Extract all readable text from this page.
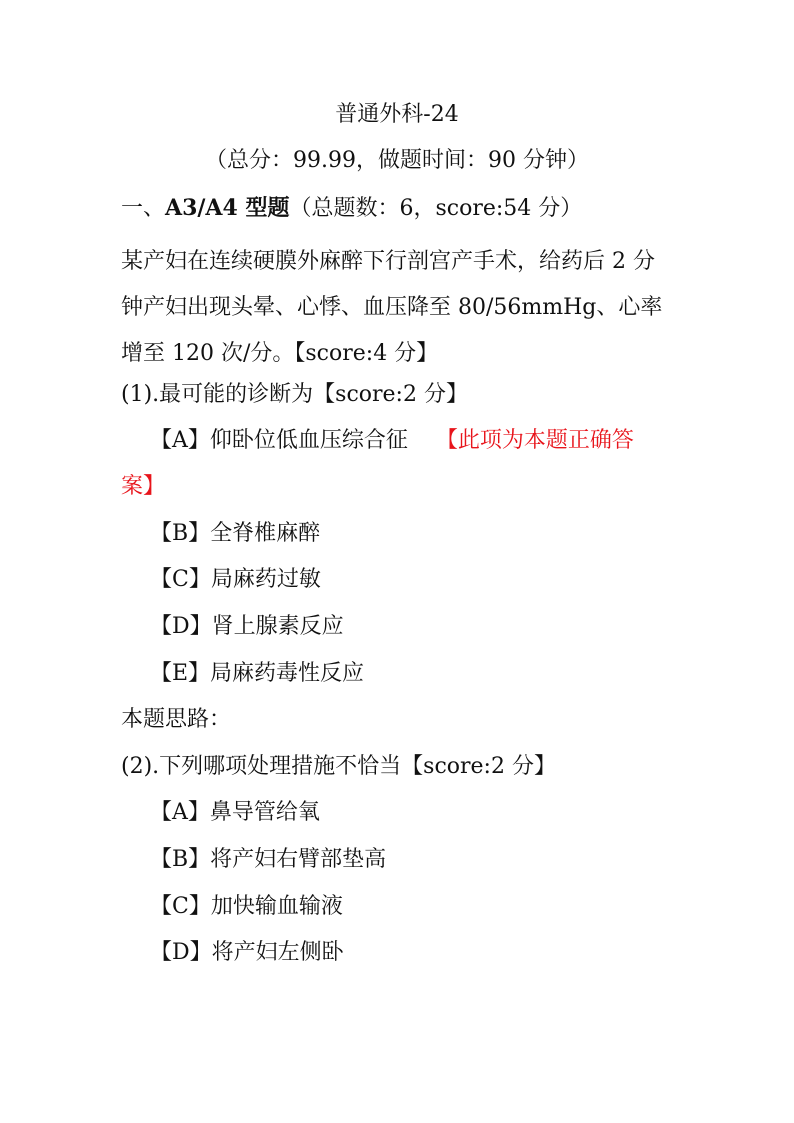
普通外科-24
（总分：99.99，做题时间：90 分钟）
一、A3/A4 型题（总题数：6，score:54 分）
某产妇在连续硬膜外麻醉下行剖宫产手术，给药后 2 分钟产妇出现头晕、心悸、血压降至 80/56mmHg、心率增至 120 次/分。【score:4 分】
(1).最可能的诊断为【score:2 分】
【A】仰卧位低血压综合征 【此项为本题正确答
案】
【B】全脊椎麻醉
【C】局麻药过敏
【D】肾上腺素反应
【E】局麻药毒性反应
本题思路：
(2).下列哪项处理措施不恰当【score:2 分】
【A】鼻导管给氧
【B】将产妇右臂部垫高
【C】加快输血输液
【D】将产妇左侧卧
